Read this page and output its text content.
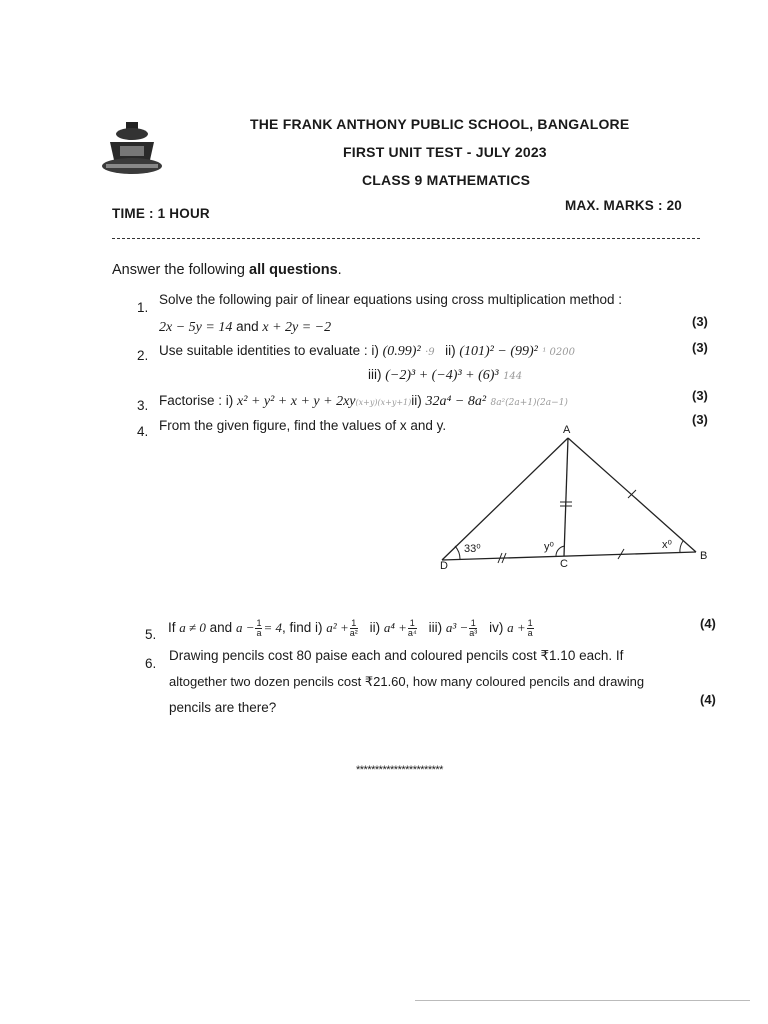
THE FRANK ANTHONY PUBLIC SCHOOL, BANGALORE
FIRST UNIT TEST - JULY 2023
CLASS 9 MATHEMATICS
TIME : 1 HOUR
MAX. MARKS : 20
Answer the following all questions.
1.
Solve the following pair of linear equations using cross multiplication method :
2x − 5y = 14 and x + 2y = −2	(3)
2. Use suitable identities to evaluate : i) (0.99)² ·9 ii) (101)² − (99)² ¹ 0200	(3)
iii) (−2)³ + (−4)³ + (6)³ 144
3. Factorise : i) x² + y² + x + y + 2xy(x+y)(x+y+1)ii) 32a⁴ − 8a² 8a²(2a+1)(2a−1)	(3)
4. From the given figure, find the values of x and y.	(3)
A
B
C
D
33⁰	y⁰	x⁰
5. If a ≠ 0 and $a - \frac{1}{a} = 4$, find i) $a^2 + \frac{1}{\text{a²}} ii$) $a^4 + \frac{1}{\text{a⁴}} iii$) $a^3 - \frac{1}{\text{a³}} iv$) $a + \frac{1}{a}$	(4)
6.
Drawing pencils cost 80 paise each and coloured pencils cost ₹1.10 each. If
altogether two dozen pencils cost ₹21.60, how many coloured pencils and drawing
pencils are there?
(4)
***********************
